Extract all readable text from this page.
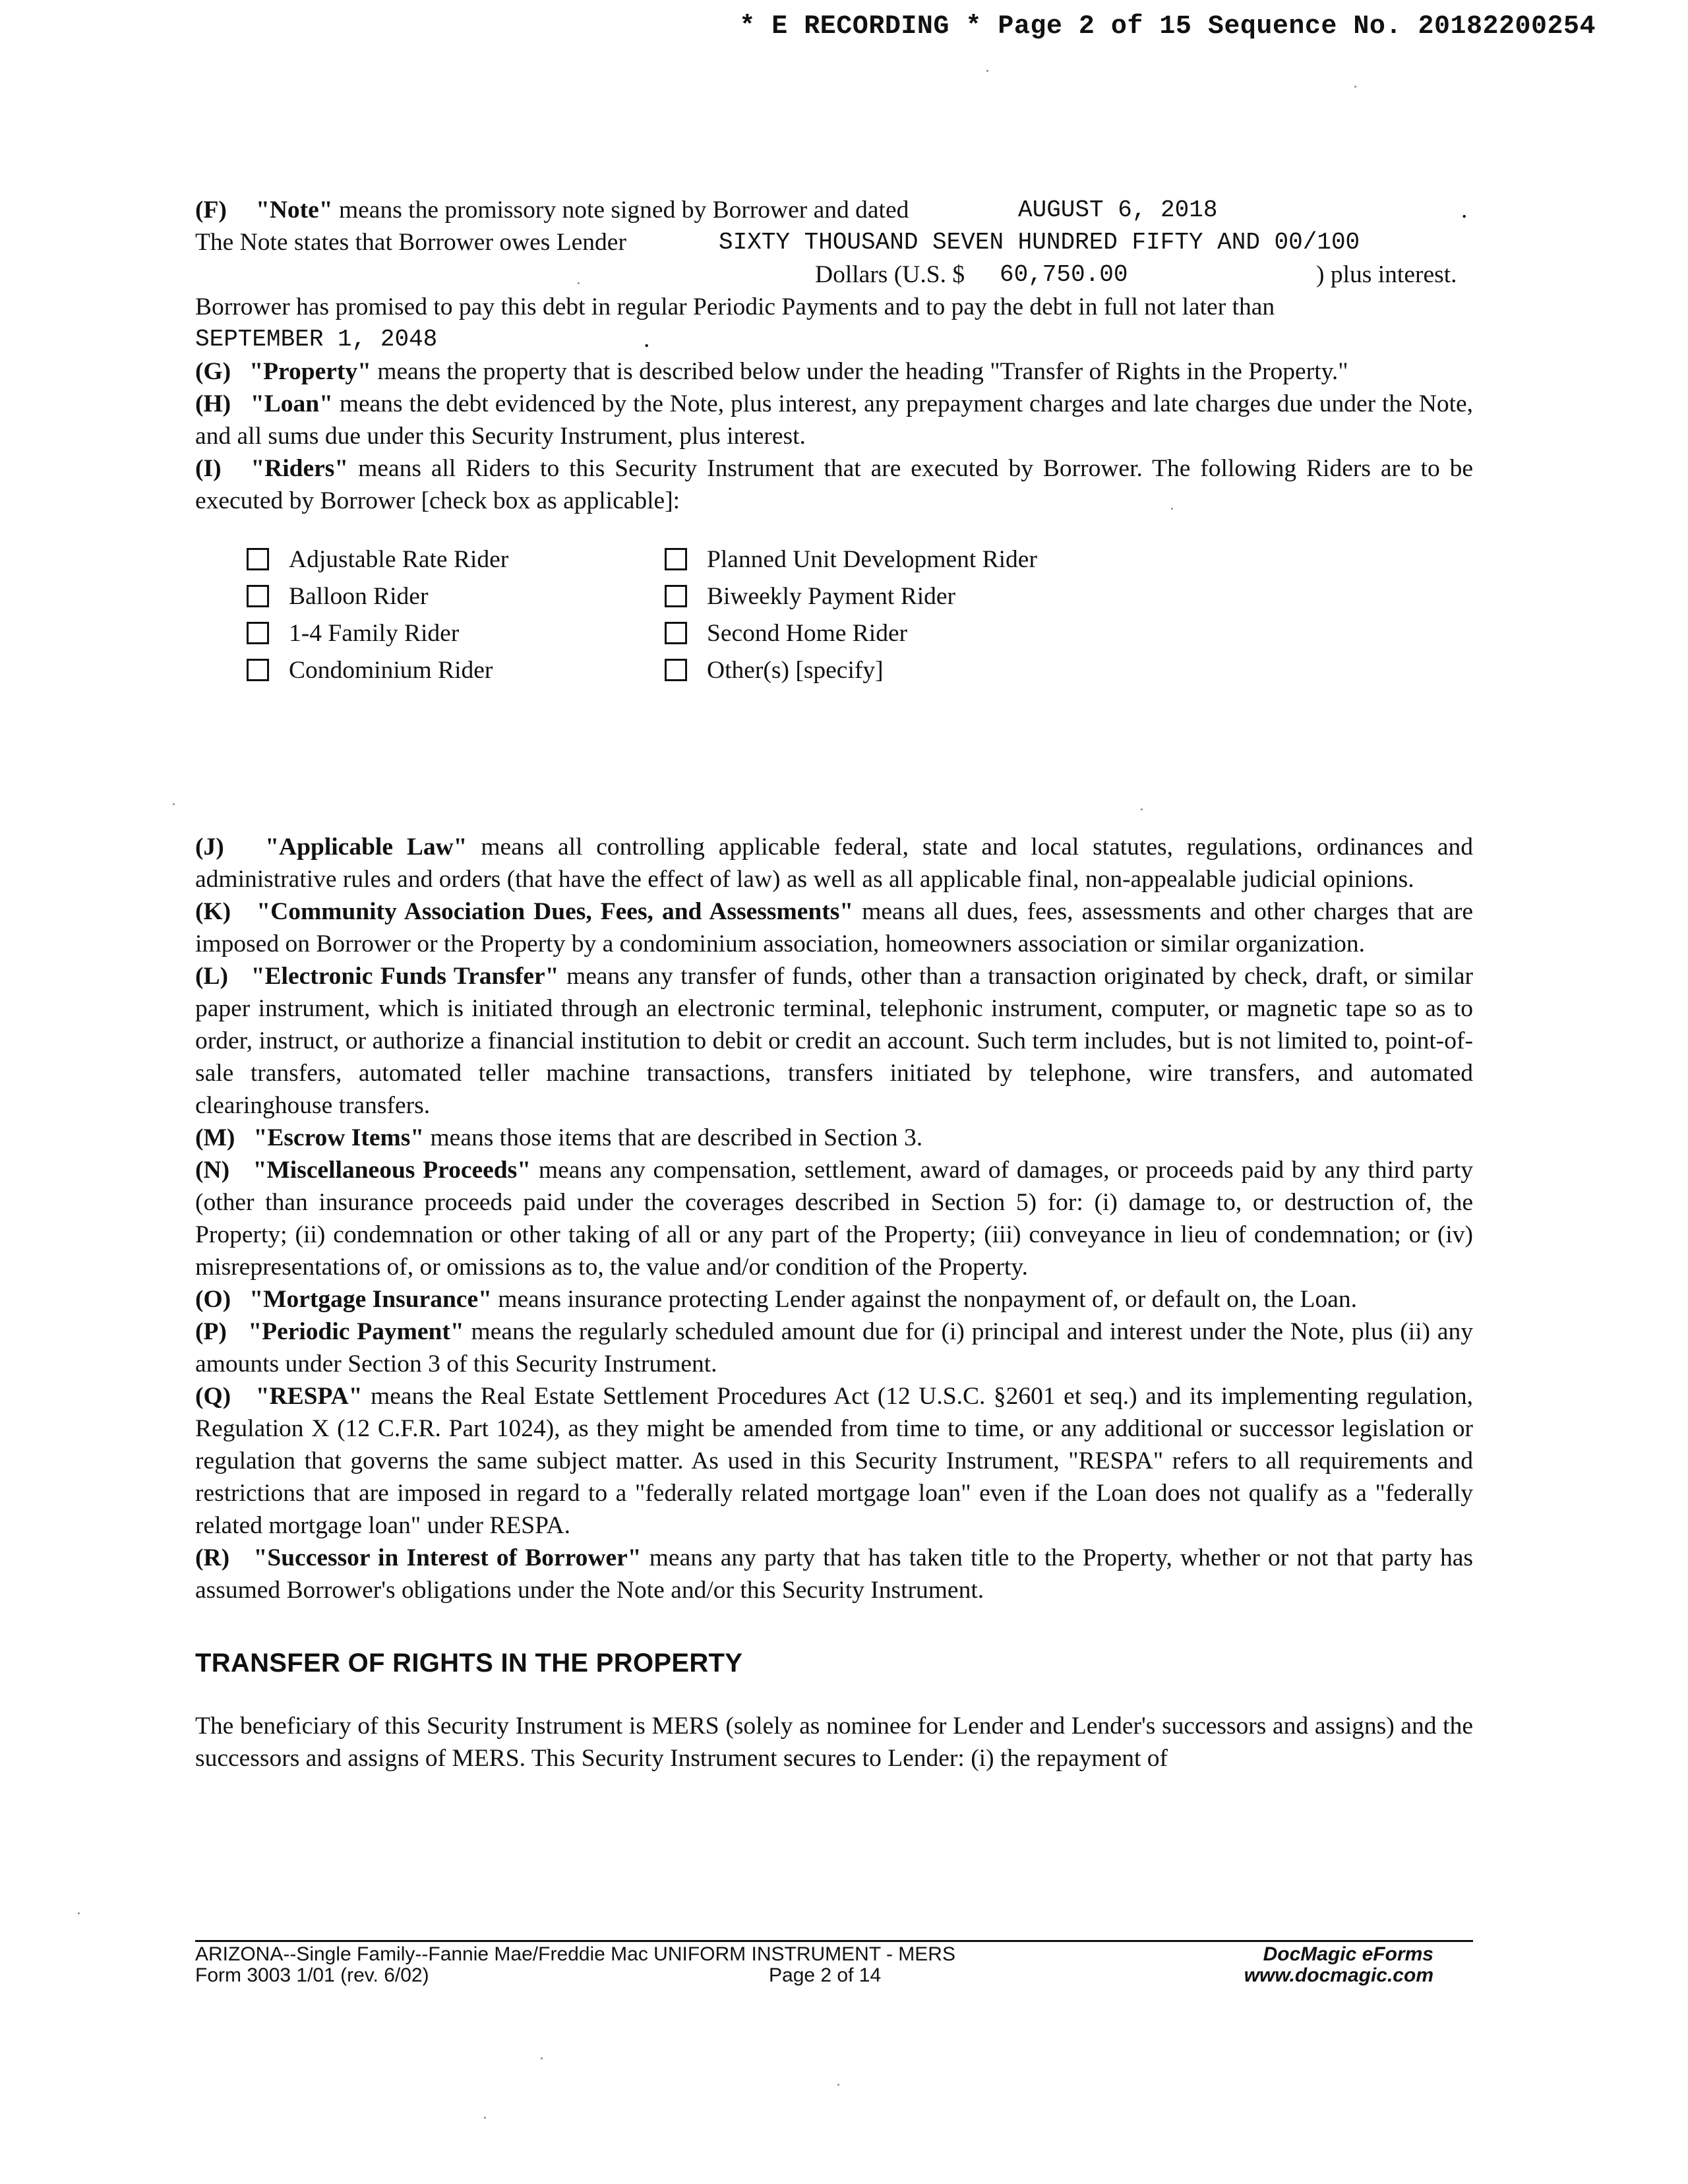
* E RECORDING * Page 2 of 15 Sequence No. 20182200254
(F) "Note" means the promissory note signed by Borrower and dated	AUGUST 6, 2018	.
The Note states that Borrower owes Lender	SIXTY THOUSAND SEVEN HUNDRED FIFTY AND 00/100
Dollars (U.S. $ 60,750.00	) plus interest.

Borrower has promised to pay this debt in regular Periodic Payments and to pay the debt in full not later than

SEPTEMBER 1, 2048	.

(G) "Property" means the property that is described below under the heading "Transfer of Rights in the Property."

(H) "Loan" means the debt evidenced by the Note, plus interest, any prepayment charges and late charges due under the Note, and all sums due under this Security Instrument, plus interest.

(I) "Riders" means all Riders to this Security Instrument that are executed by Borrower. The following Riders are to be executed by Borrower [check box as applicable]:

Adjustable Rate Rider
Balloon Rider
1-4 Family Rider
Condominium Rider
Planned Unit Development Rider
Biweekly Payment Rider
Second Home Rider
Other(s) [specify]

(J) "Applicable Law" means all controlling applicable federal, state and local statutes, regulations, ordinances and administrative rules and orders (that have the effect of law) as well as all applicable final, non-appealable judicial opinions.

(K) "Community Association Dues, Fees, and Assessments" means all dues, fees, assessments and other charges that are imposed on Borrower or the Property by a condominium association, homeowners association or similar organization.

(L) "Electronic Funds Transfer" means any transfer of funds, other than a transaction originated by check, draft, or similar paper instrument, which is initiated through an electronic terminal, telephonic instrument, computer, or magnetic tape so as to order, instruct, or authorize a financial institution to debit or credit an account. Such term includes, but is not limited to, point-of-sale transfers, automated teller machine transactions, transfers initiated by telephone, wire transfers, and automated clearinghouse transfers.

(M) "Escrow Items" means those items that are described in Section 3.

(N) "Miscellaneous Proceeds" means any compensation, settlement, award of damages, or proceeds paid by any third party (other than insurance proceeds paid under the coverages described in Section 5) for: (i) damage to, or destruction of, the Property; (ii) condemnation or other taking of all or any part of the Property; (iii) conveyance in lieu of condemnation; or (iv) misrepresentations of, or omissions as to, the value and/or condition of the Property.

(O) "Mortgage Insurance" means insurance protecting Lender against the nonpayment of, or default on, the Loan.

(P) "Periodic Payment" means the regularly scheduled amount due for (i) principal and interest under the Note, plus (ii) any amounts under Section 3 of this Security Instrument.

(Q) "RESPA" means the Real Estate Settlement Procedures Act (12 U.S.C. §2601 et seq.) and its implementing regulation, Regulation X (12 C.F.R. Part 1024), as they might be amended from time to time, or any additional or successor legislation or regulation that governs the same subject matter. As used in this Security Instrument, "RESPA" refers to all requirements and restrictions that are imposed in regard to a "federally related mortgage loan" even if the Loan does not qualify as a "federally related mortgage loan" under RESPA.

(R) "Successor in Interest of Borrower" means any party that has taken title to the Property, whether or not that party has assumed Borrower's obligations under the Note and/or this Security Instrument.

TRANSFER OF RIGHTS IN THE PROPERTY

The beneficiary of this Security Instrument is MERS (solely as nominee for Lender and Lender's successors and assigns) and the successors and assigns of MERS. This Security Instrument secures to Lender: (i) the repayment of

ARIZONA--Single Family--Fannie Mae/Freddie Mac UNIFORM INSTRUMENT - MERS
Form 3003 1/01 (rev. 6/02)	Page 2 of 14
DocMagic eForms
www.docmagic.com
